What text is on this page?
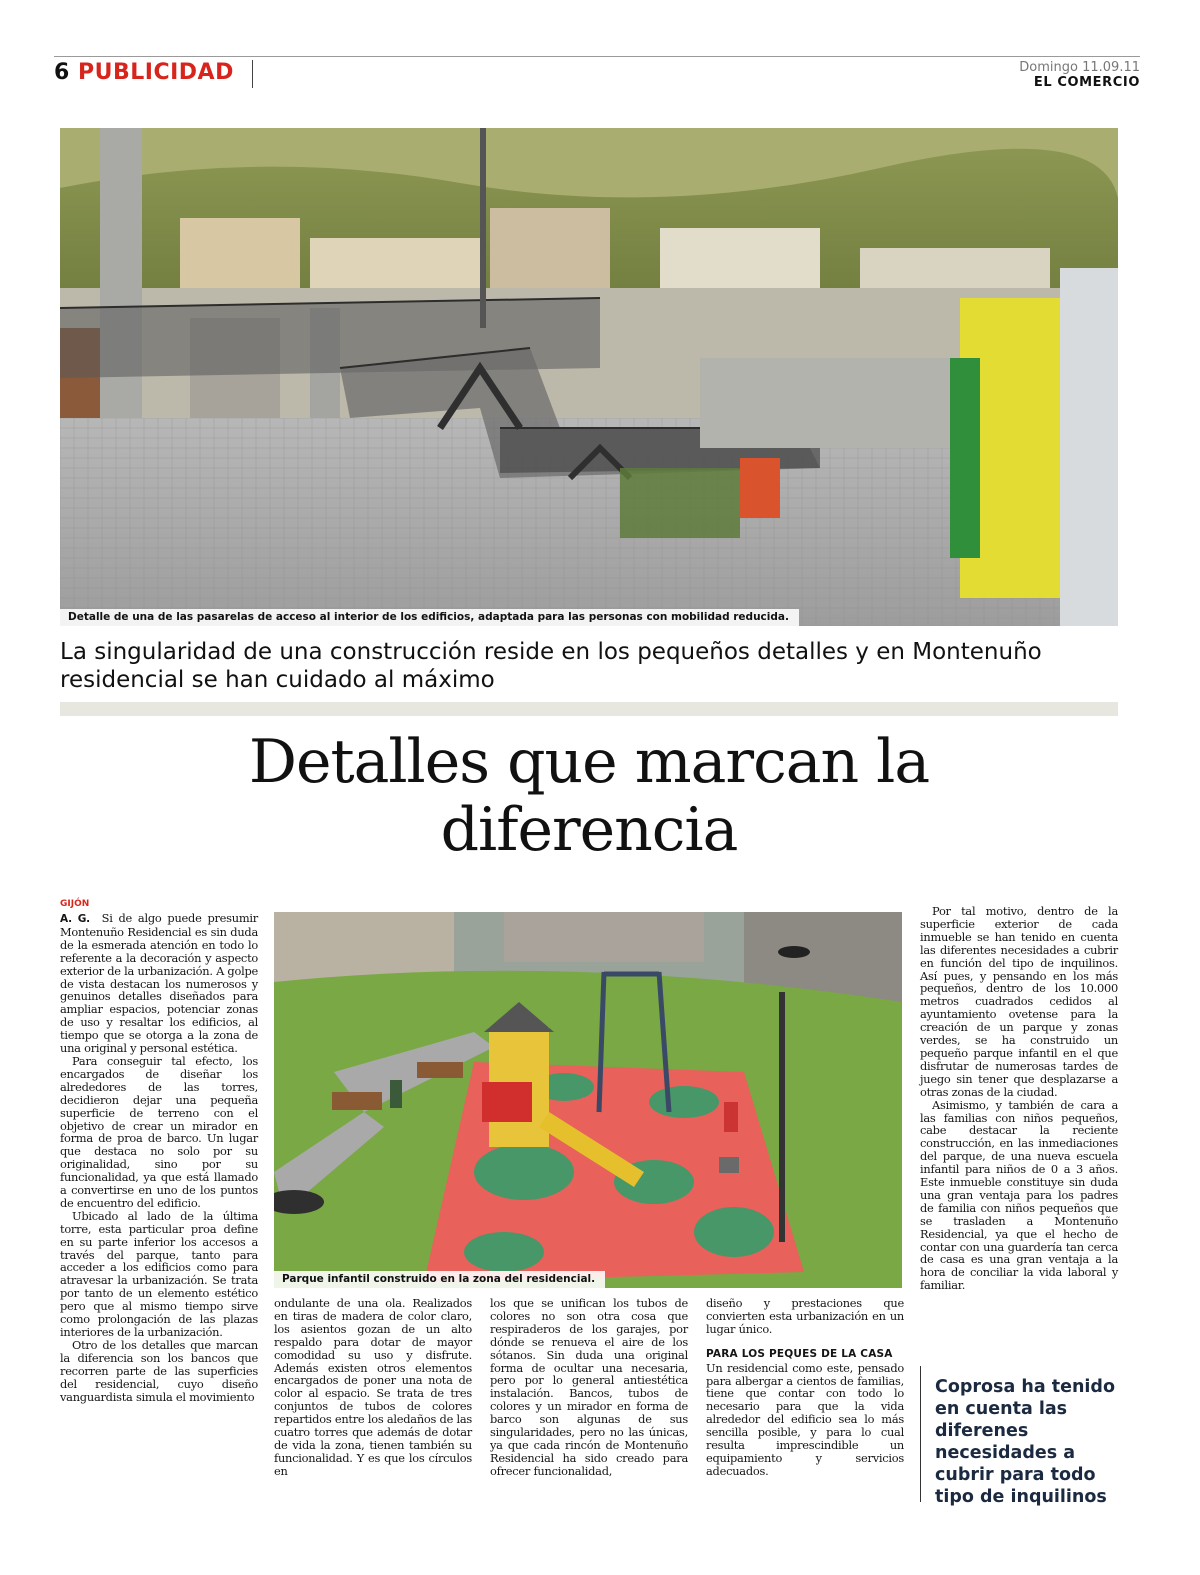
6 PUBLICIDAD	Domingo 11.09.11
EL COMERCIO
Detalle de una de las pasarelas de acceso al interior de los edificios, adaptada para las personas con mobilidad reducida.
La singularidad de una construcción reside en los pequeños detalles y en Montenuño residencial se han cuidado al máximo
Detalles que marcan la
diferencia
GIJÓN

A. G. Si de algo puede presumir Montenuño Residencial es sin duda de la esmerada atención en todo lo referente a la decoración y aspecto exterior de la urbanización. A golpe de vista destacan los numerosos y genuinos detalles diseñados para ampliar espacios, potenciar zonas de uso y resaltar los edificios, al tiempo que se otorga a la zona de una original y personal estética.

Para conseguir tal efecto, los encargados de diseñar los alrededores de las torres, decidieron dejar una pequeña superficie de terreno con el objetivo de crear un mirador en forma de proa de barco. Un lugar que destaca no solo por su originalidad, sino por su funcionalidad, ya que está llamado a convertirse en uno de los puntos de encuentro del edificio.

Ubicado al lado de la última torre, esta particular proa define en su parte inferior los accesos a través del parque, tanto para acceder a los edificios como para atravesar la urbanización. Se trata por tanto de un elemento estético pero que al mismo tiempo sirve como prolongación de las plazas interiores de la urbanización.

Otro de los detalles que marcan la diferencia son los bancos que recorren parte de las superficies del residencial, cuyo diseño vanguardista simula el movimiento

Parque infantil construido en la zona del residencial.

ondulante de una ola. Realizados en tiras de madera de color claro, los asientos gozan de un alto respaldo para dotar de mayor comodidad su uso y disfrute. Además existen otros elementos encargados de poner una nota de color al espacio. Se trata de tres conjuntos de tubos de colores repartidos entre los aledaños de las cuatro torres que además de dotar de vida la zona, tienen también su funcionalidad. Y es que los círculos en

los que se unifican los tubos de colores no son otra cosa que respiraderos de los garajes, por dónde se renueva el aire de los sótanos. Sin duda una original forma de ocultar una necesaria, pero por lo general antiestética instalación. Bancos, tubos de colores y un mirador en forma de barco son algunas de sus singularidades, pero no las únicas, ya que cada rincón de Montenuño Residencial ha sido creado para ofrecer funcionalidad,

diseño y prestaciones que convierten esta urbanización en un lugar único.

PARA LOS PEQUES DE LA CASA

Un residencial como este, pensado para albergar a cientos de familias, tiene que contar con todo lo necesario para que la vida alrededor del edificio sea lo más sencilla posible, y para lo cual resulta imprescindible un equipamiento y servicios adecuados.

Por tal motivo, dentro de la superficie exterior de cada inmueble se han tenido en cuenta las diferentes necesidades a cubrir en función del tipo de inquilinos. Así pues, y pensando en los más pequeños, dentro de los 10.000 metros cuadrados cedidos al ayuntamiento ovetense para la creación de un parque y zonas verdes, se ha construido un pequeño parque infantil en el que disfrutar de numerosas tardes de juego sin tener que desplazarse a otras zonas de la ciudad.

Asimismo, y también de cara a las familias con niños pequeños, cabe destacar la reciente construcción, en las inmediaciones del parque, de una nueva escuela infantil para niños de 0 a 3 años. Este inmueble constituye sin duda una gran ventaja para los padres de familia con niños pequeños que se trasladen a Montenuño Residencial, ya que el hecho de contar con una guardería tan cerca de casa es una gran ventaja a la hora de conciliar la vida laboral y familiar.

Coprosa ha tenido en cuenta las diferenes necesidades a cubrir para todo tipo de inquilinos
